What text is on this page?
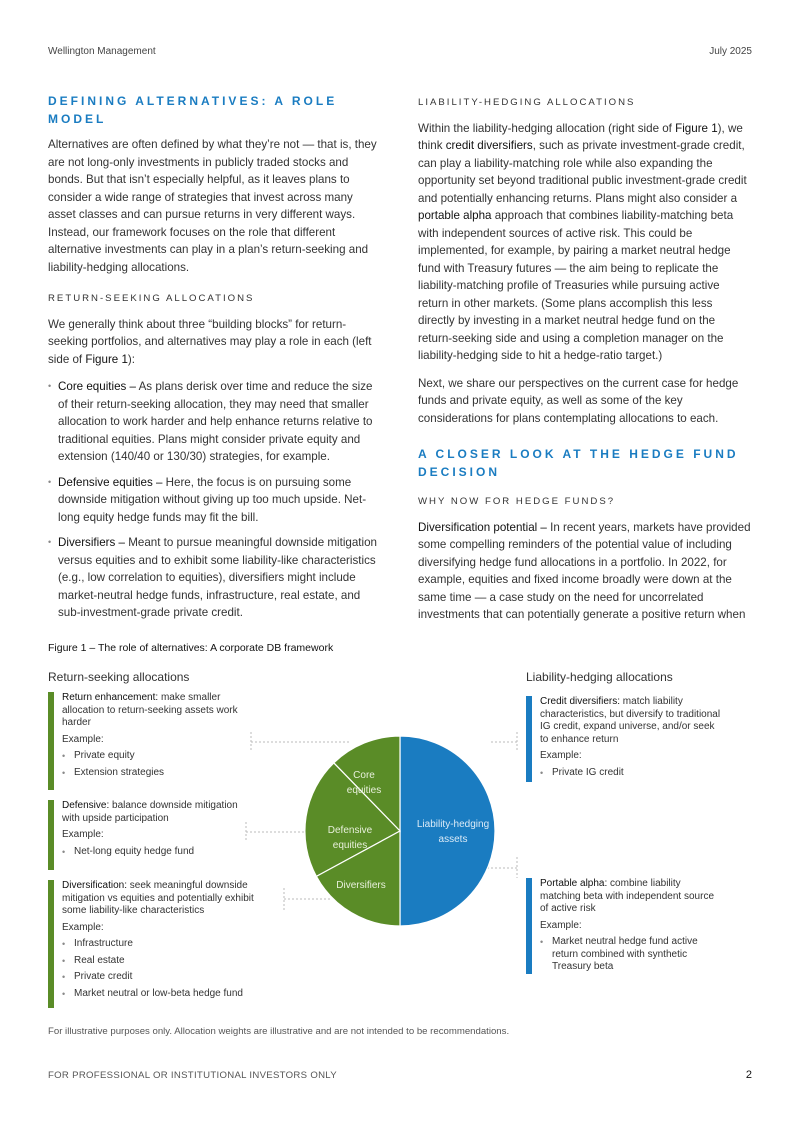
Wellington Management	July 2025
DEFINING ALTERNATIVES: A ROLE MODEL

Alternatives are often defined by what they’re not — that is, they are not long-only investments in publicly traded stocks and bonds. But that isn’t especially helpful, as it leaves plans to consider a wide range of strategies that invest across many asset classes and can pursue returns in very different ways. Instead, our framework focuses on the role that different alternative investments can play in a plan’s return-seeking and liability-hedging allocations.

RETURN-SEEKING ALLOCATIONS

We generally think about three “building blocks” for return-seeking portfolios, and alternatives may play a role in each (left side of Figure 1):

• Core equities – As plans derisk over time and reduce the size of their return-seeking allocation, they may need that smaller allocation to work harder and help enhance returns relative to traditional equities. Plans might consider private equity and extension (140/40 or 130/30) strategies, for example.
• Defensive equities – Here, the focus is on pursuing some downside mitigation without giving up too much upside. Net-long equity hedge funds may fit the bill.
• Diversifiers – Meant to pursue meaningful downside mitigation versus equities and to exhibit some liability-like characteristics (e.g., low correlation to equities), diversifiers might include market-neutral hedge funds, infrastructure, real estate, and sub-investment-grade private credit.
LIABILITY-HEDGING ALLOCATIONS

Within the liability-hedging allocation (right side of Figure 1), we think credit diversifiers, such as private investment-grade credit, can play a liability-matching role while also expanding the opportunity set beyond traditional public investment-grade credit and potentially enhancing returns. Plans might also consider a portable alpha approach that combines liability-matching beta with independent sources of active risk. This could be implemented, for example, by pairing a market neutral hedge fund with Treasury futures — the aim being to replicate the liability-matching profile of Treasuries while pursuing active return in other markets. (Some plans accomplish this less directly by investing in a market neutral hedge fund on the return-seeking side and using a completion manager on the liability-hedging side to hit a hedge-ratio target.)

Next, we share our perspectives on the current case for hedge funds and private equity, as well as some of the key considerations for plans contemplating allocations to each.

A CLOSER LOOK AT THE HEDGE FUND DECISION
WHY NOW FOR HEDGE FUNDS?

Diversification potential – In recent years, markets have provided some compelling reminders of the potential value of including diversifying hedge fund allocations in a portfolio. In 2022, for example, equities and fixed income broadly were down at the same time — a case study on the need for uncorrelated investments that can potentially generate a positive return when

Figure 1 – The role of alternatives: A corporate DB framework
Return-seeking allocations	Liability-hedging allocations
Return enhancement: make smaller allocation to return-seeking assets work harder
Example:
• Private equity
• Extension strategies
Defensive: balance downside mitigation with upside participation
Example:
• Net-long equity hedge fund
Diversification: seek meaningful downside mitigation vs equities and potentially exhibit some liability-like characteristics
Example:
• Infrastructure
• Real estate
• Private credit
• Market neutral or low-beta hedge fund
Credit diversifiers: match liability characteristics, but diversify to traditional IG credit, expand universe, and/or seek to enhance return
Example:
• Private IG credit
Portable alpha: combine liability matching beta with independent source of active risk
Example:
• Market neutral hedge fund active return combined with synthetic Treasury beta
Core
equities
Defensive
equities
Diversifiers
Liability-hedging
assets
For illustrative purposes only. Allocation weights are illustrative and are not intended to be recommendations.
FOR PROFESSIONAL OR INSTITUTIONAL INVESTORS ONLY	2
